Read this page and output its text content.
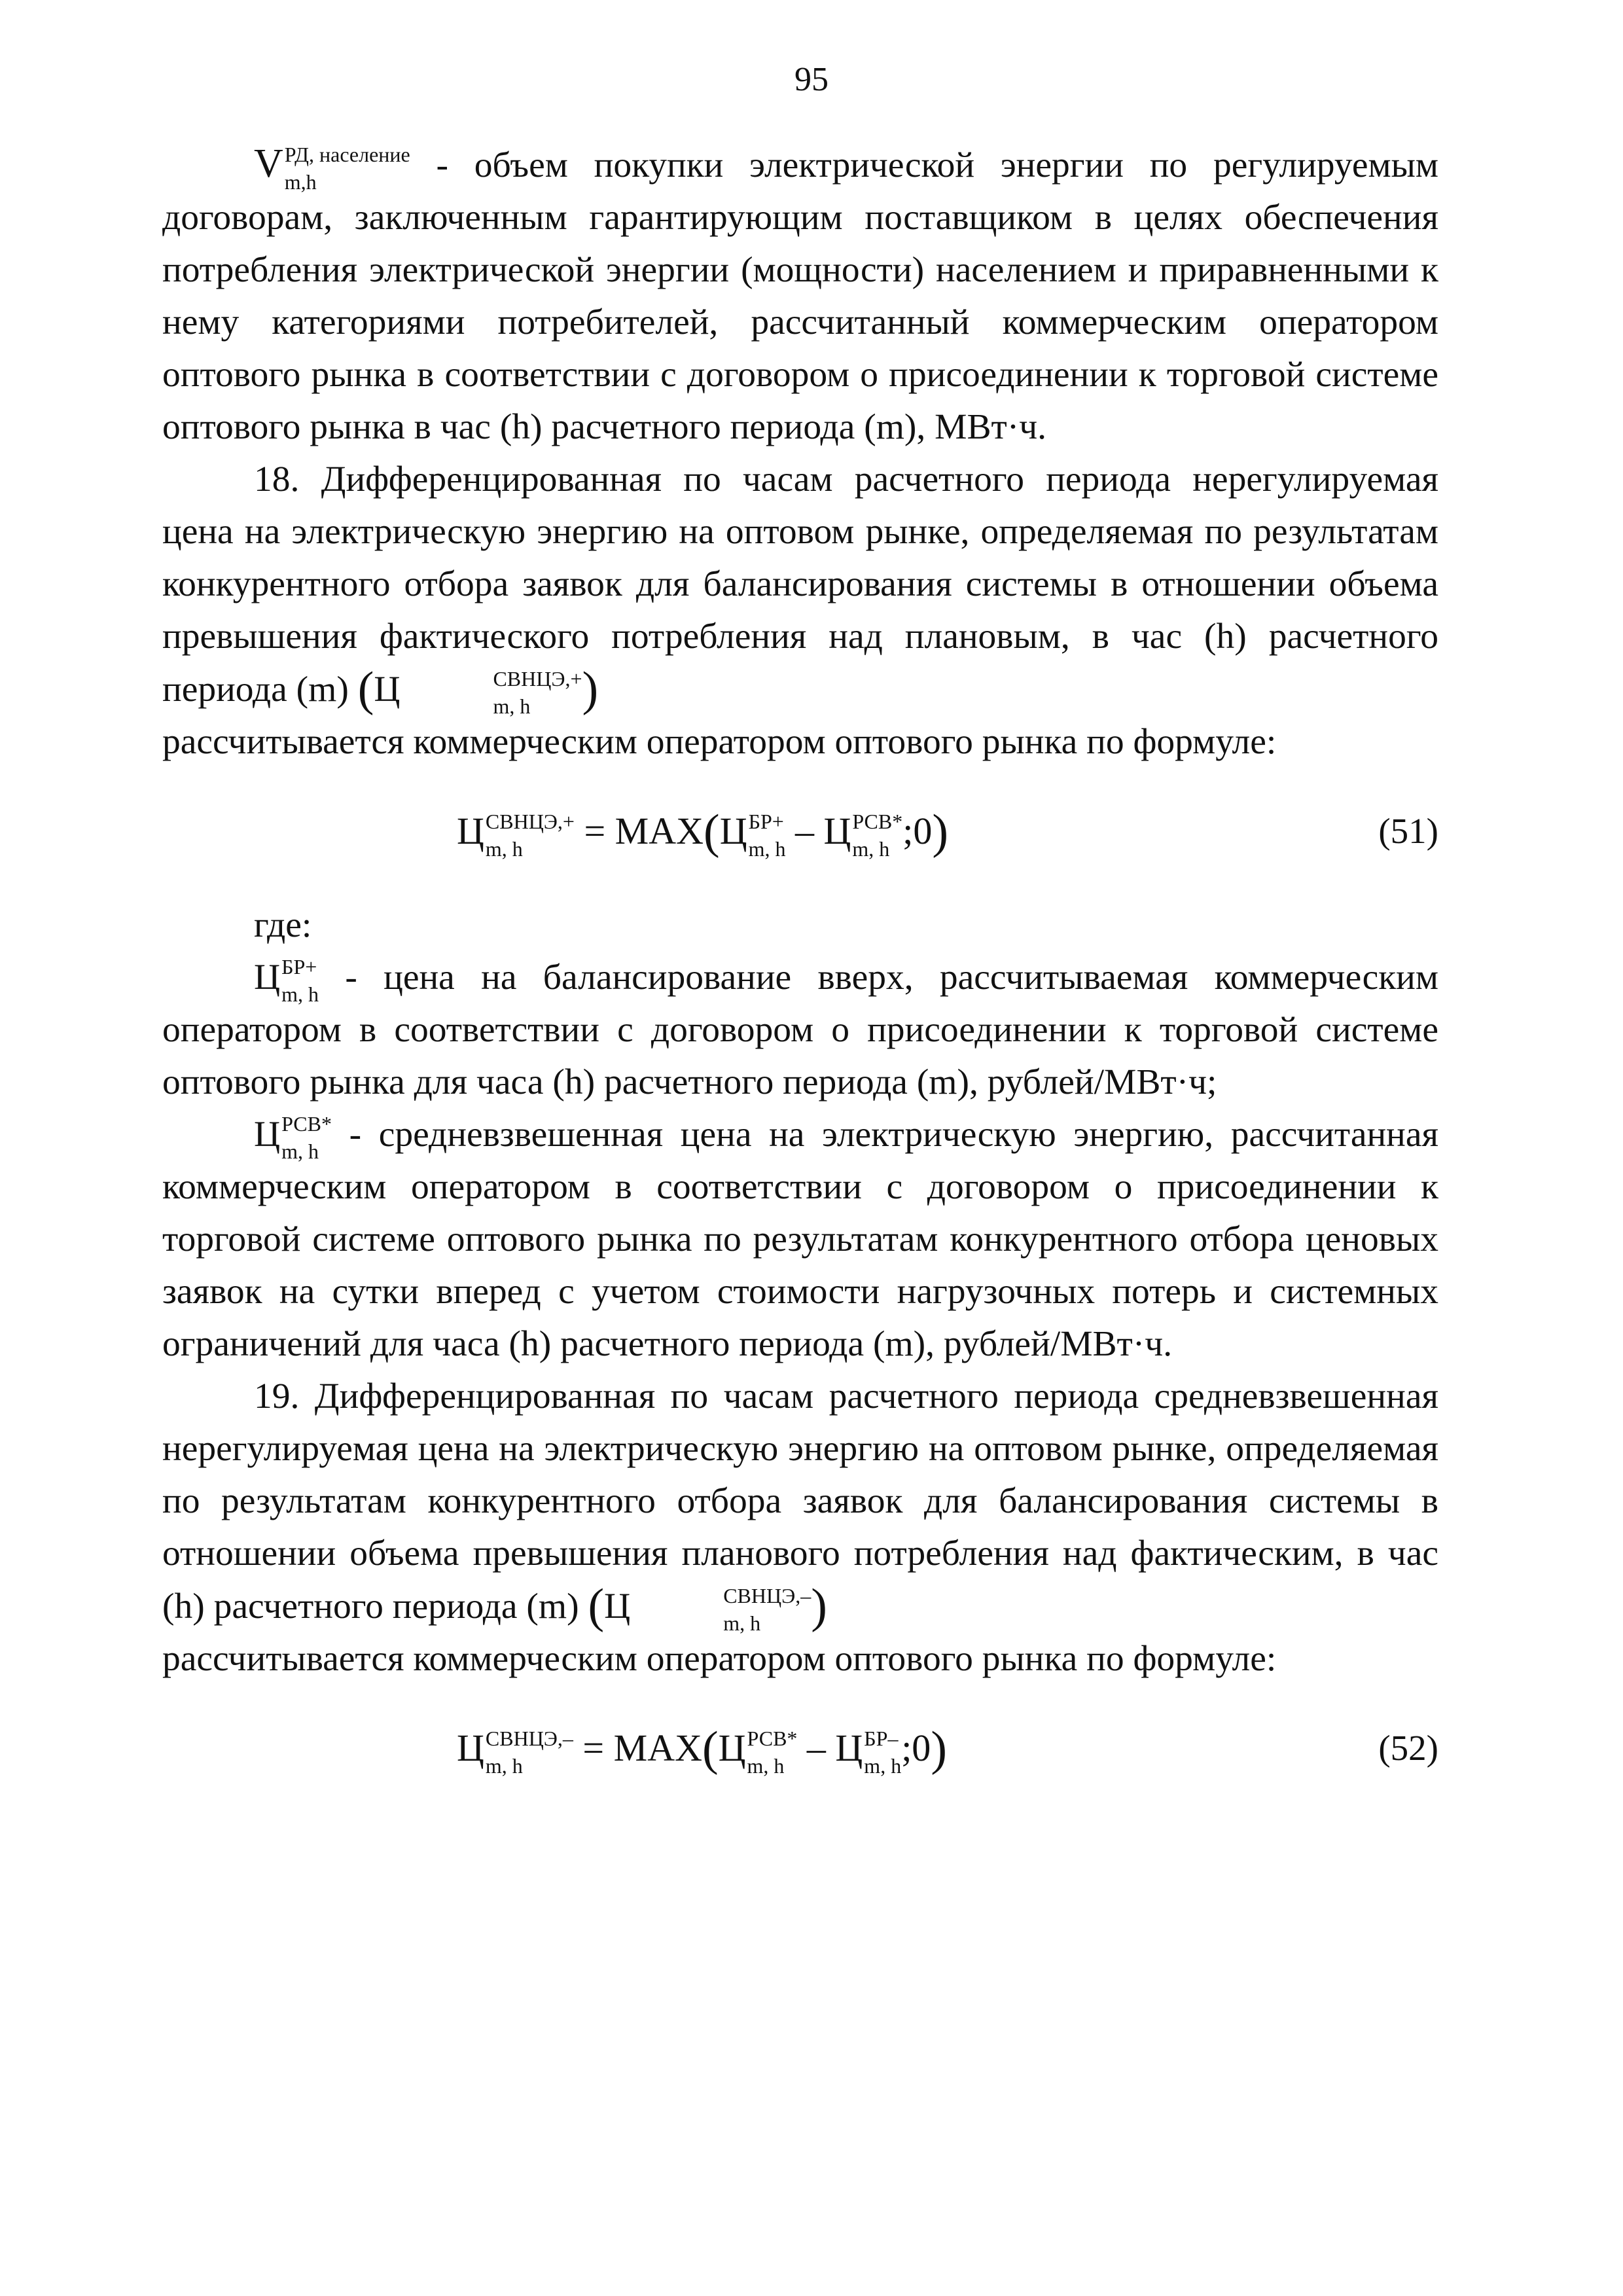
95

V РД, население
m,h	- объем покупки электрической энергии по регулируемым договорам, заключенным гарантирующим поставщиком в целях обеспечения потребления электрической энергии (мощности) населением и приравненными к нему категориями потребителей, рассчитанный коммерческим оператором оптового рынка в соответствии с договором о присоединении к торговой системе оптового рынка в час (h) расчетного периода (m), МВт·ч.

18. Дифференцированная по часам расчетного периода нерегулируемая цена на электрическую энергию на оптовом рынке, определяемая по результатам конкурентного отбора заявок для балансирования системы в отношении объема превышения фактического потребления над плановым, в час (h) расчетного периода (m) (Ц	СВНЦЭ,+
m, h	)

рассчитывается коммерческим оператором оптового рынка по формуле:

Ц СВНЦЭ,+
m, h	= MAX(Ц БР+
m, h – Ц РСВ*
m, h ;0)	(51)

где:

Ц БР+
m, h - цена на балансирование вверх, рассчитываемая коммерческим оператором в соответствии с договором о присоединении к торговой системе оптового рынка для часа (h) расчетного периода (m), рублей/МВт·ч;

Ц РСВ*
m, h - средневзвешенная цена на электрическую энергию, рассчитанная коммерческим оператором в соответствии с договором о присоединении к торговой системе оптового рынка по результатам конкурентного отбора ценовых заявок на сутки вперед с учетом стоимости нагрузочных потерь и системных ограничений для часа (h) расчетного периода (m), рублей/МВт·ч.

19. Дифференцированная по часам расчетного периода средневзвешенная нерегулируемая цена на электрическую энергию на оптовом рынке, определяемая по результатам конкурентного отбора заявок для балансирования системы в отношении объема превышения планового потребления над фактическим, в час (h) расчетного периода (m) (Ц	СВНЦЭ,–
m, h	)

рассчитывается коммерческим оператором оптового рынка по формуле:

Ц СВНЦЭ,–
m, h	= MAX(Ц РСВ*
m, h – Ц БР–
m, h ;0)	(52)
